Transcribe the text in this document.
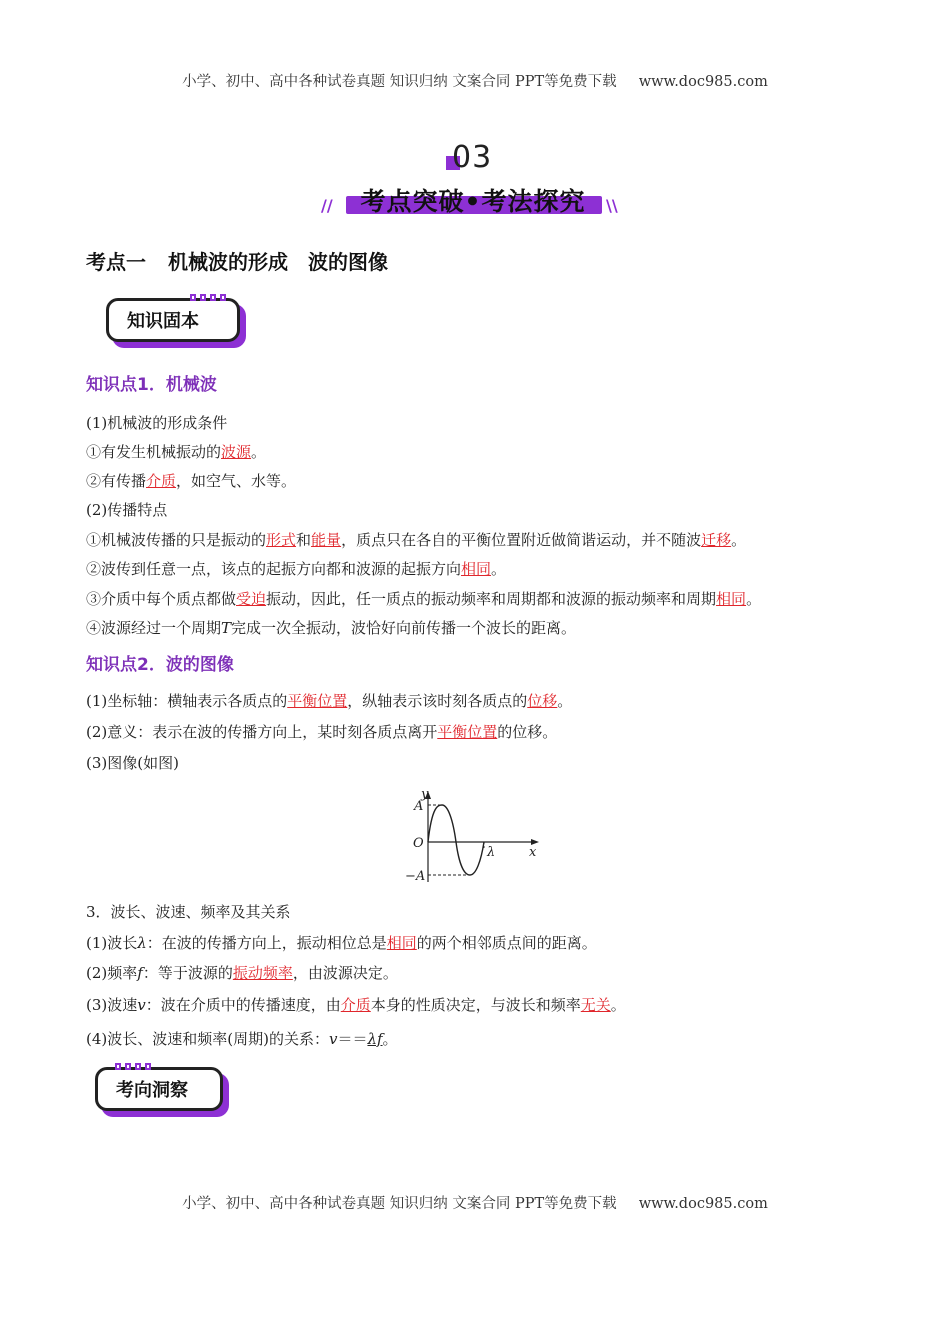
小学、初中、高中各种试卷真题 知识归纳 文案合同 PPT等免费下载 www.doc985.com
03
考点突破•考法探究
//	\\
考点一 机械波的形成　波的图像
知识固本
知识点1．机械波
(1)机械波的形成条件
①有发生机械振动的波源。
②有传播介质，如空气、水等。
(2)传播特点
①机械波传播的只是振动的形式和能量，质点只在各自的平衡位置附近做简谐运动，并不随波迁移。
②波传到任意一点，该点的起振方向都和波源的起振方向相同。
③介质中每个质点都做受迫振动，因此，任一质点的振动频率和周期都和波源的振动频率和周期相同。
④波源经过一个周期T完成一次全振动，波恰好向前传播一个波长的距离。
知识点2．波的图像
(1)坐标轴：横轴表示各质点的平衡位置，纵轴表示该时刻各质点的位移。
(2)意义：表示在波的传播方向上，某时刻各质点离开平衡位置的位移。
(3)图像(如图)
y
x
A
O
−A
λ
3．波长、波速、频率及其关系
(1)波长λ：在波的传播方向上，振动相位总是相同的两个相邻质点间的距离。
(2)频率f：等于波源的振动频率，由波源决定。
(3)波速v：波在介质中的传播速度，由介质本身的性质决定，与波长和频率无关。
(4)波长、波速和频率(周期)的关系：v＝＝λf。
考向洞察
小学、初中、高中各种试卷真题 知识归纳 文案合同 PPT等免费下载 www.doc985.com
